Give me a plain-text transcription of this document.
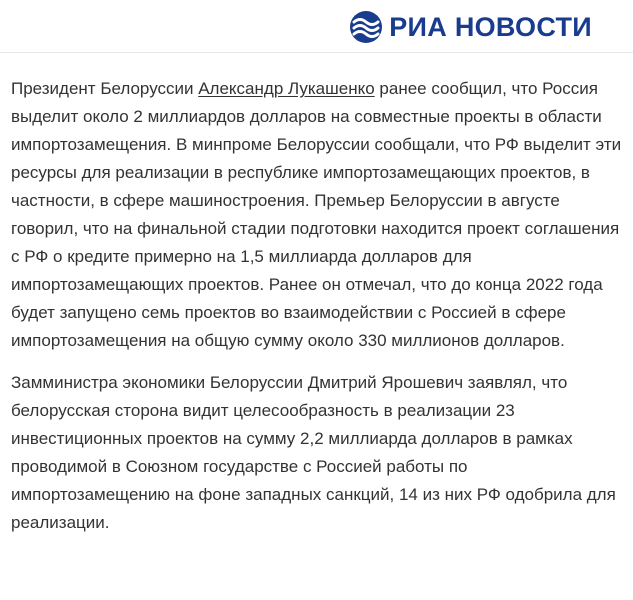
РИА НОВОСТИ

Президент Белоруссии Александр Лукашенко ранее сообщил, что Россия выделит около 2 миллиардов долларов на совместные проекты в области импортозамещения. В минпроме Белоруссии сообщали, что РФ выделит эти ресурсы для реализации в республике импортозамещающих проектов, в частности, в сфере машиностроения. Премьер Белоруссии в августе говорил, что на финальной стадии подготовки находится проект соглашения с РФ о кредите примерно на 1,5 миллиарда долларов для импортозамещающих проектов. Ранее он отмечал, что до конца 2022 года будет запущено семь проектов во взаимодействии с Россией в сфере импортозамещения на общую сумму около 330 миллионов долларов.

Замминистра экономики Белоруссии Дмитрий Ярошевич заявлял, что белорусская сторона видит целесообразность в реализации 23 инвестиционных проектов на сумму 2,2 миллиарда долларов в рамках проводимой в Союзном государстве с Россией работы по импортозамещению на фоне западных санкций, 14 из них РФ одобрила для реализации.
